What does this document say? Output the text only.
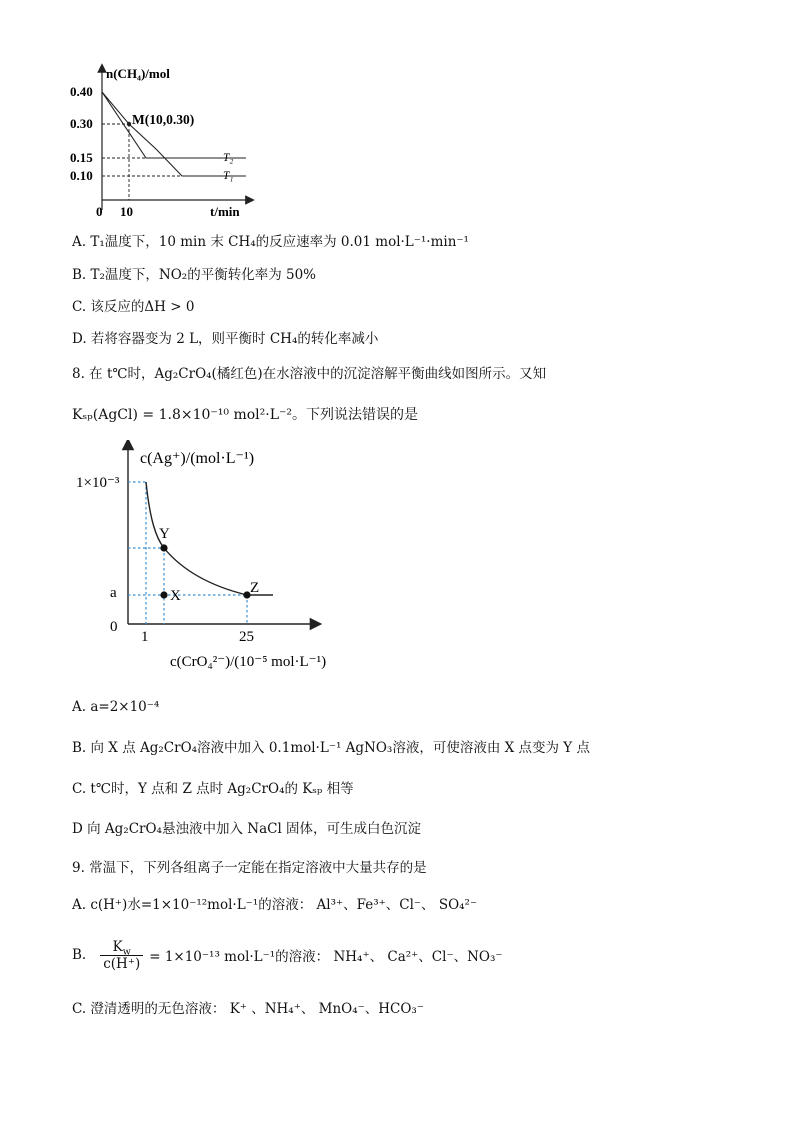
n(CH₄)/mol
0.40
0.30
0.15
0.10
0 10	t/min
M(10,0.30)
T₂
T₁
A. T₁温度下，10 min 末 CH₄的反应速率为 0.01 mol·L⁻¹·min⁻¹
B. T₂温度下，NO₂的平衡转化率为 50%
C. 该反应的ΔH > 0
D. 若将容器变为 2 L，则平衡时 CH₄的转化率减小
8. 在 t℃时，Ag₂CrO₄(橘红色)在水溶液中的沉淀溶解平衡曲线如图所示。又知
Kₛₚ(AgCl) = 1.8×10⁻¹⁰ mol²·L⁻²。下列说法错误的是
c(Ag⁺)/(mol·L⁻¹)
1×10⁻³
a
0
1	25
Y
X	Z
c(CrO₄²⁻)/(10⁻⁵ mol·L⁻¹)
A. a=2×10⁻⁴
B. 向 X 点 Ag₂CrO₄溶液中加入 0.1mol·L⁻¹ AgNO₃溶液，可使溶液由 X 点变为 Y 点
C. t℃时，Y 点和 Z 点时 Ag₂CrO₄的 Kₛₚ 相等
D 向 Ag₂CrO₄悬浊液中加入 NaCl 固体，可生成白色沉淀
9. 常温下，下列各组离子一定能在指定溶液中大量共存的是
A. c(H⁺)水=1×10⁻¹²mol·L⁻¹的溶液： Al³⁺、Fe³⁺、Cl⁻、 SO₄²⁻
B.
$K_w$
c(H⁺) = 1×10⁻¹³ mol·L⁻¹的溶液： NH₄⁺、 Ca²⁺、Cl⁻、NO₃⁻
C. 澄清透明的无色溶液： K⁺ 、NH₄⁺、 MnO₄⁻、HCO₃⁻
